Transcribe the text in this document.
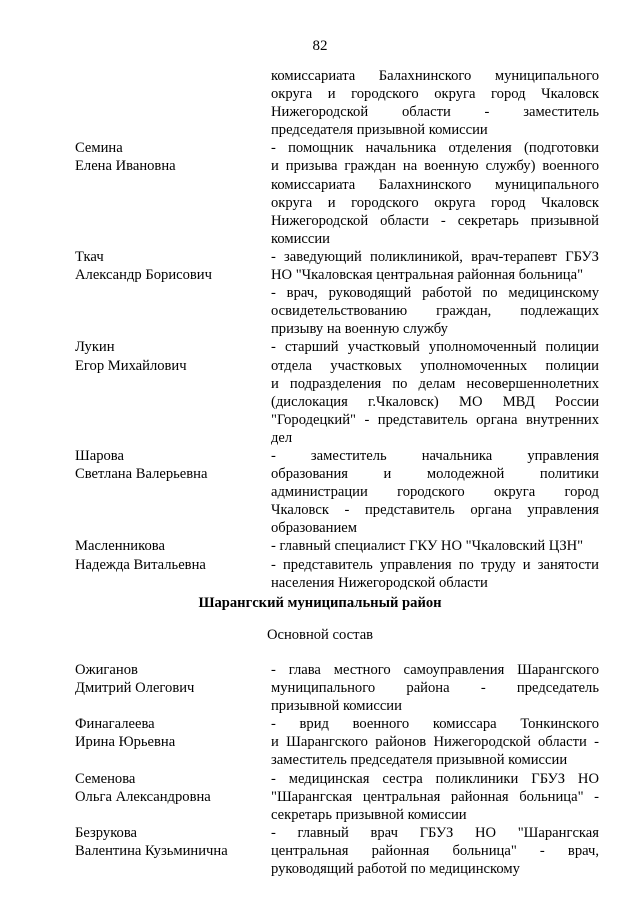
82
комиссариата Балахнинского муниципального
округа и городского округа город Чкаловск
Нижегородской области - заместитель
председателя призывной комиссии
Семина
Елена Ивановна
- помощник начальника отделения (подготовки
и призыва граждан на военную службу) военного
комиссариата Балахнинского муниципального
округа и городского округа город Чкаловск
Нижегородской области - секретарь призывной
комиссии
Ткач
Александр Борисович
- заведующий поликлиникой, врач-терапевт ГБУЗ
НО "Чкаловская центральная районная больница"
- врач, руководящий работой по медицинскому
освидетельствованию граждан, подлежащих
призыву на военную службу
Лукин
Егор Михайлович
- старший участковый уполномоченный полиции
отдела участковых уполномоченных полиции
и подразделения по делам несовершеннолетних
(дислокация г.Чкаловск) МО МВД России
"Городецкий" - представитель органа внутренних
дел
Шарова
Светлана Валерьевна
- заместитель начальника управления
образования и молодежной политики
администрации городского округа город
Чкаловск - представитель органа управления
образованием
Масленникова
Надежда Витальевна
- главный специалист ГКУ НО "Чкаловский ЦЗН"
- представитель управления по труду и занятости
населения Нижегородской области
Шарангский муниципальный район
Основной состав
Ожиганов
Дмитрий Олегович
- глава местного самоуправления Шарангского
муниципального района - председатель
призывной комиссии
Финагалеева
Ирина Юрьевна
- врид военного комиссара Тонкинского
и Шарангского районов Нижегородской области -
заместитель председателя призывной комиссии
Семенова
Ольга Александровна
- медицинская сестра поликлиники ГБУЗ НО
"Шарангская центральная районная больница" -
секретарь призывной комиссии
Безрукова
Валентина Кузьминична
- главный врач ГБУЗ НО "Шарангская
центральная районная больница" - врач,
руководящий работой по медицинскому
